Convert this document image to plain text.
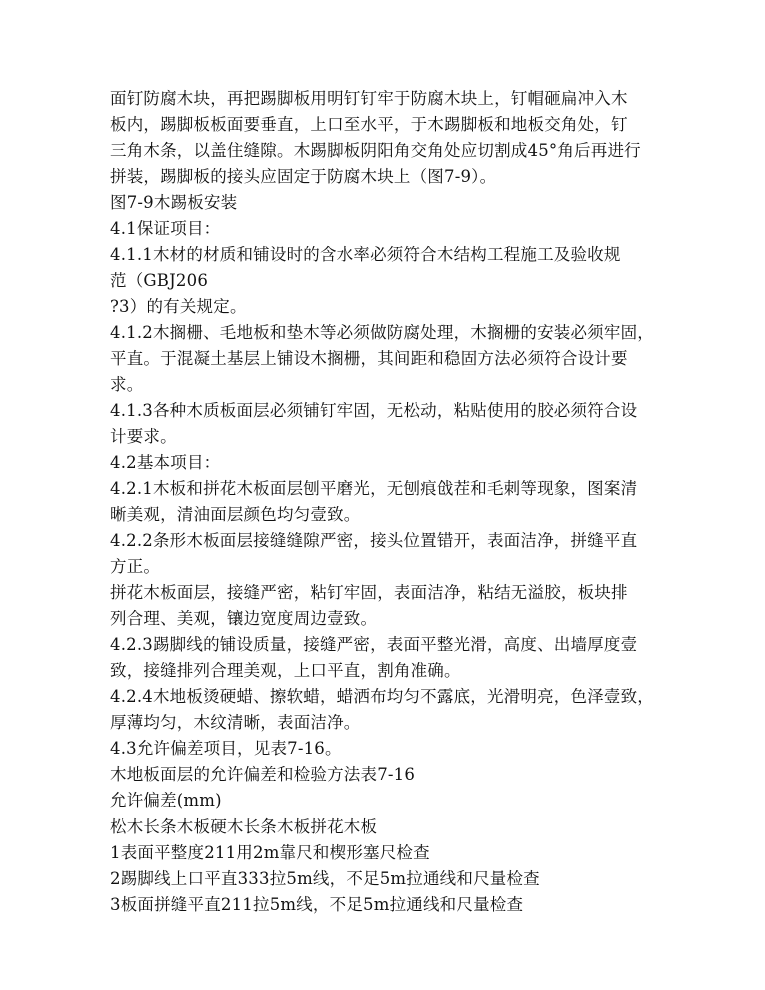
面钉防腐木块，再把踢脚板用明钉钉牢于防腐木块上，钉帽砸扁冲入木
板内，踢脚板板面要垂直，上口至水平，于木踢脚板和地板交角处，钉
三角木条，以盖住缝隙。木踢脚板阴阳角交角处应切割成45°角后再进行
拼装，踢脚板的接头应固定于防腐木块上（图7-9）。
图7-9木踢板安装
4.1保证项目：
4.1.1木材的材质和铺设时的含水率必须符合木结构工程施工及验收规
范（GBJ206
?3）的有关规定。
4.1.2木搁栅、毛地板和垫木等必须做防腐处理，木搁栅的安装必须牢固，
平直。于混凝土基层上铺设木搁栅，其间距和稳固方法必须符合设计要
求。
4.1.3各种木质板面层必须铺钉牢固，无松动，粘贴使用的胶必须符合设
计要求。
4.2基本项目：
4.2.1木板和拼花木板面层刨平磨光，无刨痕戗茬和毛刺等现象，图案清
晰美观，清油面层颜色均匀壹致。
4.2.2条形木板面层接缝缝隙严密，接头位置错开，表面洁净，拼缝平直
方正。
拼花木板面层，接缝严密，粘钉牢固，表面洁净，粘结无溢胶，板块排
列合理、美观，镶边宽度周边壹致。
4.2.3踢脚线的铺设质量，接缝严密，表面平整光滑，高度、出墙厚度壹
致，接缝排列合理美观，上口平直，割角准确。
4.2.4木地板烫硬蜡、擦软蜡，蜡洒布均匀不露底，光滑明亮，色泽壹致，
厚薄均匀，木纹清晰，表面洁净。
4.3允许偏差项目，见表7-16。
木地板面层的允许偏差和检验方法表7-16
允许偏差(mm)
松木长条木板硬木长条木板拼花木板
1表面平整度211用2m靠尺和楔形塞尺检查
2踢脚线上口平直333拉5m线，不足5m拉通线和尺量检查
3板面拼缝平直211拉5m线，不足5m拉通线和尺量检查
